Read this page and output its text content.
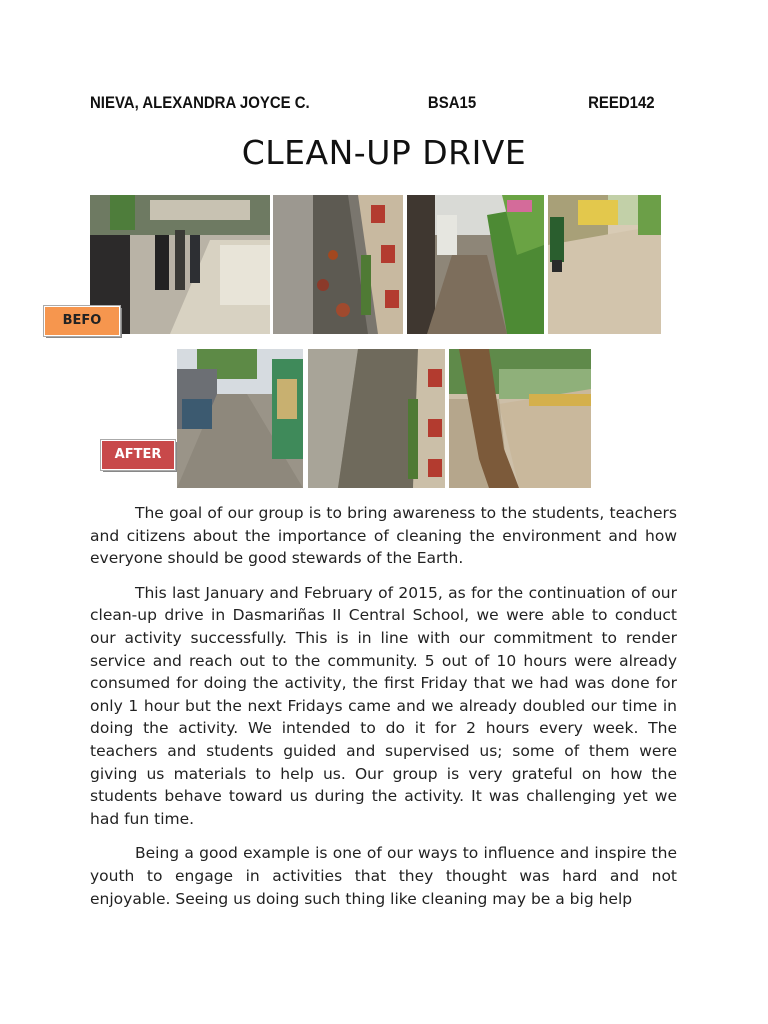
NIEVA, ALEXANDRA JOYCE C.	BSA15	REED142
CLEAN-UP DRIVE
BEFO
AFTER

The goal of our group is to bring awareness to the students, teachers and citizens about the importance of cleaning the environment and how everyone should be good stewards of the Earth.

This last January and February of 2015, as for the continuation of our clean-up drive in Dasmariñas II Central School, we were able to conduct our activity successfully. This is in line with our commitment to render service and reach out to the community. 5 out of 10 hours were already consumed for doing the activity, the first Friday that we had was done for only 1 hour but the next Fridays came and we already doubled our time in doing the activity. We intended to do it for 2 hours every week. The teachers and students guided and supervised us; some of them were giving us materials to help us. Our group is very grateful on how the students behave toward us during the activity. It was challenging yet we had fun time.

Being a good example is one of our ways to influence and inspire the youth to engage in activities that they thought was hard and not enjoyable. Seeing us doing such thing like cleaning may be a big help
